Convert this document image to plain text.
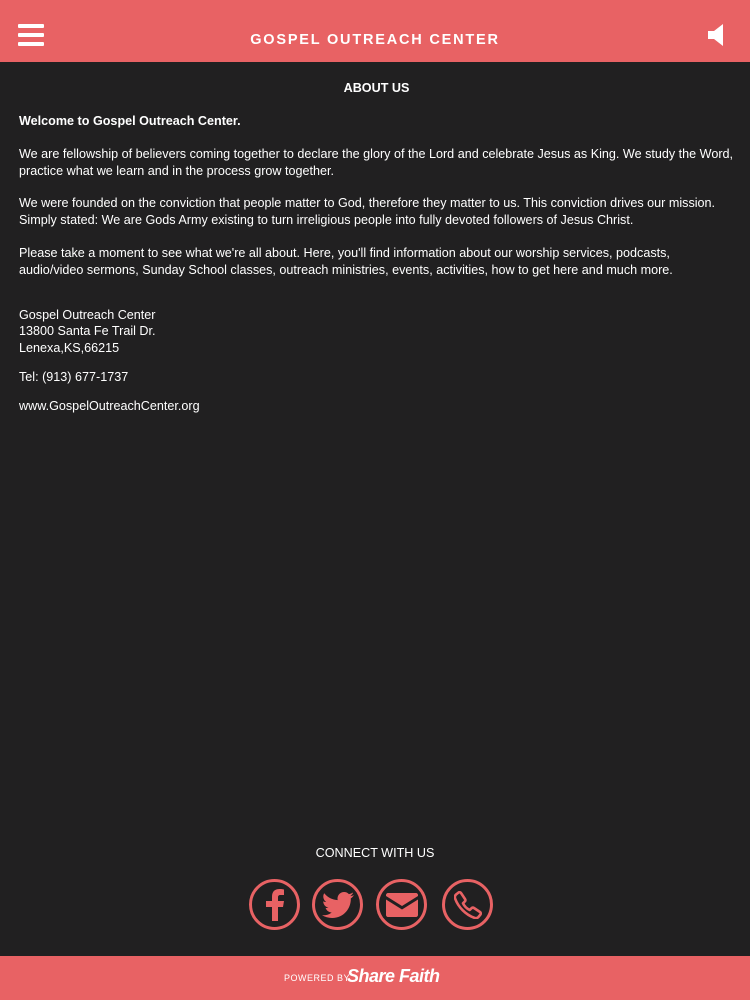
GOSPEL OUTREACH CENTER
ABOUT US

Welcome to Gospel Outreach Center.

We are fellowship of believers coming together to declare the glory of the Lord and celebrate Jesus as King. We study the Word, practice what we learn and in the process grow together.

We were founded on the conviction that people matter to God, therefore they matter to us. This conviction drives our mission. Simply stated: We are Gods Army existing to turn irreligious people into fully devoted followers of Jesus Christ.

Please take a moment to see what we're all about. Here, you'll find information about our worship services, podcasts, audio/video sermons, Sunday School classes, outreach ministries, events, activities, how to get here and much more.

Gospel Outreach Center
13800 Santa Fe Trail Dr.
Lenexa,KS,66215
Tel: (913) 677-1737
www.GospelOutreachCenter.org
CONNECT WITH US
POWERED BY
Share Faith
